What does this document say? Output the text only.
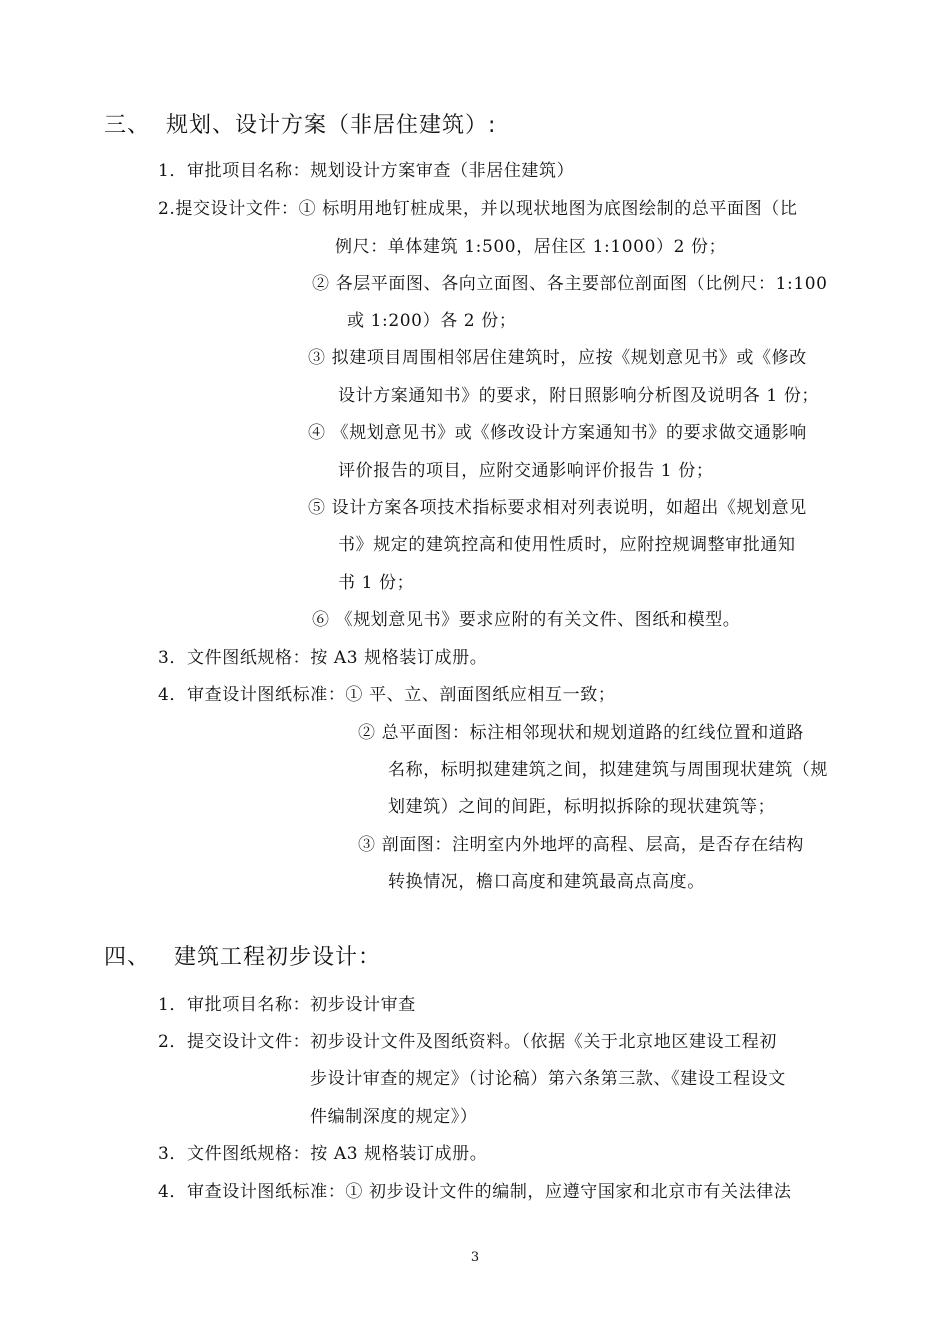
三、 规划、设计方案（非居住建筑）:
1．审批项目名称：规划设计方案审查（非居住建筑）
2.提交设计文件：① 标明用地钉桩成果，并以现状地图为底图绘制的总平面图（比
例尺：单体建筑 1:500，居住区 1:1000）2 份；
② 各层平面图、各向立面图、各主要部位剖面图（比例尺：1:100
或 1:200）各 2 份；
③ 拟建项目周围相邻居住建筑时，应按《规划意见书》或《修改
设计方案通知书》的要求，附日照影响分析图及说明各 1 份；
④ 《规划意见书》或《修改设计方案通知书》的要求做交通影响
评价报告的项目，应附交通影响评价报告 1 份；
⑤ 设计方案各项技术指标要求相对列表说明，如超出《规划意见
书》规定的建筑控高和使用性质时，应附控规调整审批通知
书 1 份；
⑥ 《规划意见书》要求应附的有关文件、图纸和模型。
3．文件图纸规格：按 A3 规格装订成册。
4．审查设计图纸标准：① 平、立、剖面图纸应相互一致；
② 总平面图：标注相邻现状和规划道路的红线位置和道路
名称，标明拟建建筑之间，拟建建筑与周围现状建筑（规
划建筑）之间的间距，标明拟拆除的现状建筑等；
③ 剖面图：注明室内外地坪的高程、层高，是否存在结构
转换情况，檐口高度和建筑最高点高度。
四、 建筑工程初步设计：
1．审批项目名称：初步设计审查
2．提交设计文件：初步设计文件及图纸资料。（依据《关于北京地区建设工程初
步设计审查的规定》（讨论稿）第六条第三款、《建设工程设文
件编制深度的规定》）
3．文件图纸规格：按 A3 规格装订成册。
4．审查设计图纸标准：① 初步设计文件的编制，应遵守国家和北京市有关法律法
3
